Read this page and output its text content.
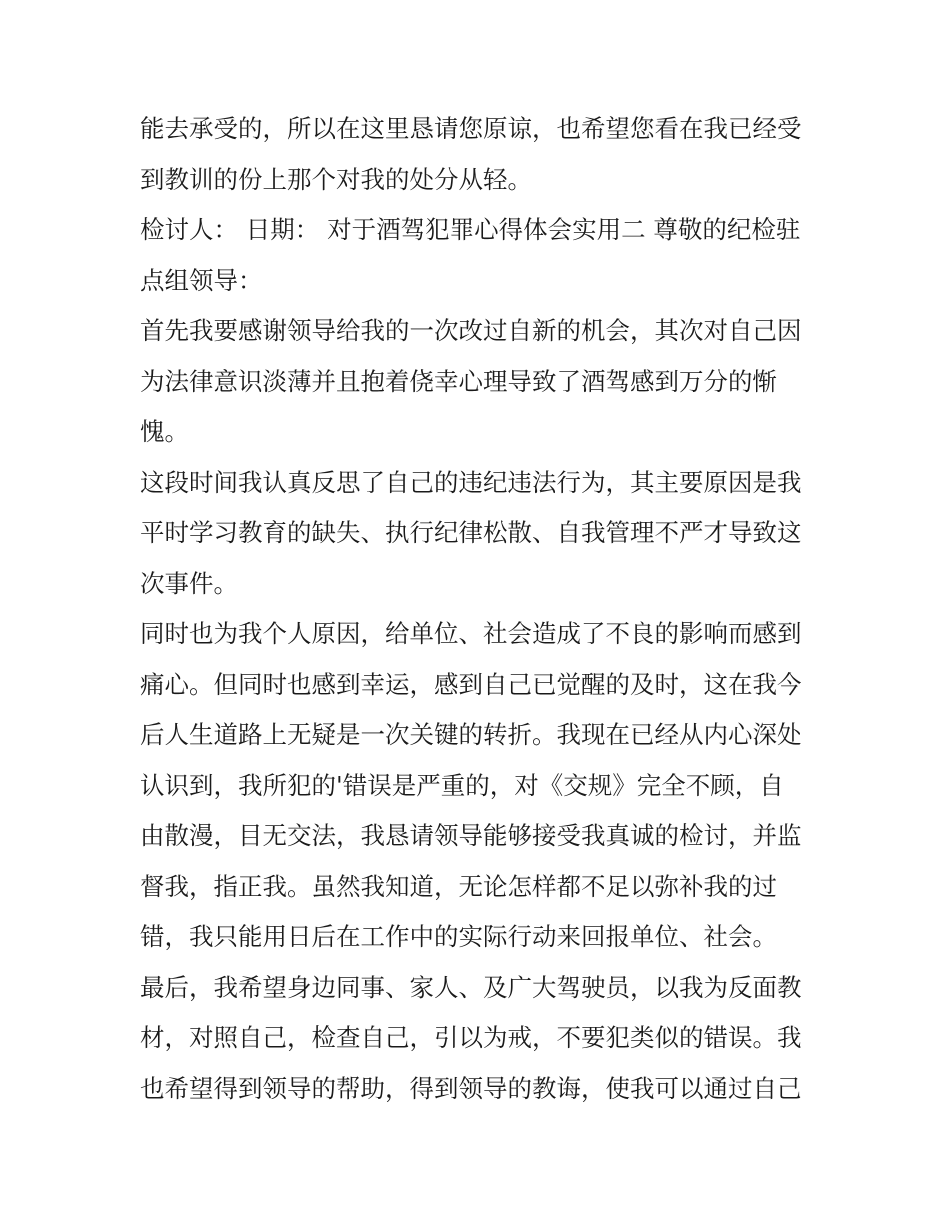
能去承受的，所以在这里恳请您原谅，也希望您看在我已经受
到教训的份上那个对我的处分从轻。
检讨人： 日期： 对于酒驾犯罪心得体会实用二 尊敬的纪检驻
点组领导：
首先我要感谢领导给我的一次改过自新的机会，其次对自己因
为法律意识淡薄并且抱着侥幸心理导致了酒驾感到万分的惭
愧。
这段时间我认真反思了自己的违纪违法行为，其主要原因是我
平时学习教育的缺失、执行纪律松散、自我管理不严才导致这
次事件。
同时也为我个人原因，给单位、社会造成了不良的影响而感到
痛心。但同时也感到幸运，感到自己已觉醒的及时，这在我今
后人生道路上无疑是一次关键的转折。我现在已经从内心深处
认识到，我所犯的'错误是严重的，对《交规》完全不顾，自
由散漫，目无交法，我恳请领导能够接受我真诚的检讨，并监
督我，指正我。虽然我知道，无论怎样都不足以弥补我的过
错，我只能用日后在工作中的实际行动来回报单位、社会。
最后，我希望身边同事、家人、及广大驾驶员，以我为反面教
材，对照自己，检查自己，引以为戒，不要犯类似的错误。我
也希望得到领导的帮助，得到领导的教诲，使我可以通过自己
